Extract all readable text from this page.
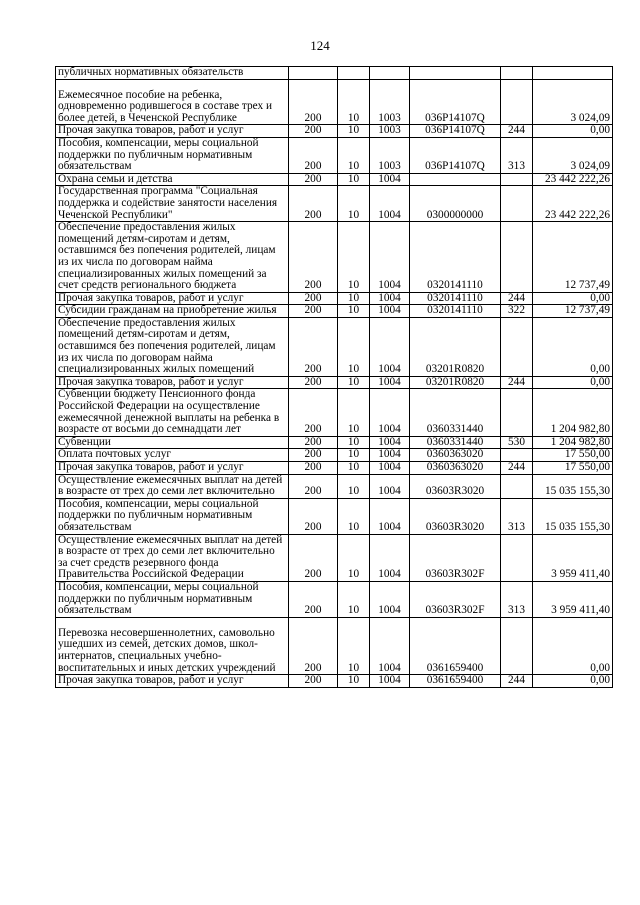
124
публичных нормативных обязательств						
Ежемесячное пособие на ребенка, одновременно родившегося в составе трех и более детей, в Чеченской Республике	200	10	1003	036P14107Q		3 024,09
Прочая закупка товаров, работ и услуг	200	10	1003	036P14107Q	244	0,00
Пособия, компенсации, меры социальной поддержки по публичным нормативным обязательствам	200	10	1003	036P14107Q	313	3 024,09
Охрана семьи и детства	200	10	1004			23 442 222,26
Государственная программа "Социальная поддержка и содействие занятости населения Чеченской Республики"	200	10	1004	0300000000		23 442 222,26
Обеспечение предоставления жилых помещений детям-сиротам и детям, оставшимся без попечения родителей, лицам из их числа по договорам найма специализированных жилых помещений за счет средств регионального бюджета	200	10	1004	0320141110		12 737,49
Прочая закупка товаров, работ и услуг	200	10	1004	0320141110	244	0,00
Субсидии гражданам на приобретение жилья	200	10	1004	0320141110	322	12 737,49
Обеспечение предоставления жилых помещений детям-сиротам и детям, оставшимся без попечения родителей, лицам из их числа по договорам найма специализированных жилых помещений	200	10	1004	03201R0820		0,00
Прочая закупка товаров, работ и услуг	200	10	1004	03201R0820	244	0,00
Субвенции бюджету Пенсионного фонда Российской Федерации на осуществление ежемесячной денежной выплаты на ребенка в возрасте от восьми до семнадцати лет	200	10	1004	0360331440		1 204 982,80
Субвенции	200	10	1004	0360331440	530	1 204 982,80
Оплата почтовых услуг	200	10	1004	0360363020		17 550,00
Прочая закупка товаров, работ и услуг	200	10	1004	0360363020	244	17 550,00
Осуществление ежемесячных выплат на детей в возрасте от трех до семи лет включительно	200	10	1004	03603R3020		15 035 155,30
Пособия, компенсации, меры социальной поддержки по публичным нормативным обязательствам	200	10	1004	03603R3020	313	15 035 155,30
Осуществление ежемесячных выплат на детей в возрасте от трех до семи лет включительно за счет средств резервного фонда Правительства Российской Федерации	200	10	1004	03603R302F		3 959 411,40
Пособия, компенсации, меры социальной поддержки по публичным нормативным обязательствам	200	10	1004	03603R302F	313	3 959 411,40
Перевозка несовершеннолетних, самовольно ушедших из семей, детских домов, школ-интернатов, специальных учебно-воспитательных и иных детских учреждений	200	10	1004	0361659400		0,00
Прочая закупка товаров, работ и услуг	200	10	1004	0361659400	244	0,00
